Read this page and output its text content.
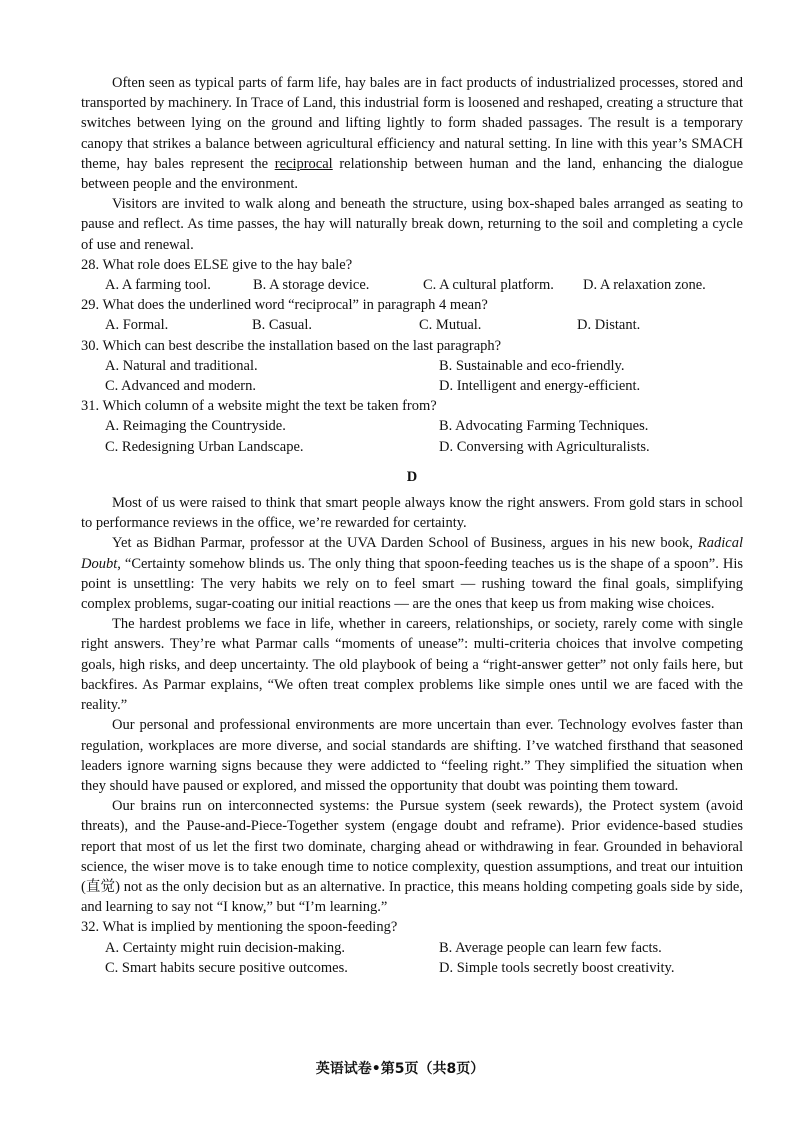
Often seen as typical parts of farm life, hay bales are in fact products of industrialized processes, stored and transported by machinery. In Trace of Land, this industrial form is loosened and reshaped, creating a structure that switches between lying on the ground and lifting lightly to form shaded passages. The result is a temporary canopy that strikes a balance between agricultural efficiency and natural setting. In line with this year’s SMACH theme, hay bales represent the reciprocal relationship between human and the land, enhancing the dialogue between people and the environment.

Visitors are invited to walk along and beneath the structure, using box-shaped bales arranged as seating to pause and reflect. As time passes, the hay will naturally break down, returning to the soil and completing a cycle of use and renewal.

28. What role does ELSE give to the hay bale?
A. A farming tool.	B. A storage device.	C. A cultural platform.	D. A relaxation zone.
29. What does the underlined word “reciprocal” in paragraph 4 mean?
A. Formal.	B. Casual.	C. Mutual.	D. Distant.
30. Which can best describe the installation based on the last paragraph?
A. Natural and traditional.	B. Sustainable and eco-friendly.
C. Advanced and modern.	D. Intelligent and energy-efficient.
31. Which column of a website might the text be taken from?
A. Reimaging the Countryside.	B. Advocating Farming Techniques.
C. Redesigning Urban Landscape.	D. Conversing with Agriculturalists.
D

Most of us were raised to think that smart people always know the right answers. From gold stars in school to performance reviews in the office, we’re rewarded for certainty.

Yet as Bidhan Parmar, professor at the UVA Darden School of Business, argues in his new book, Radical Doubt, “Certainty somehow blinds us. The only thing that spoon-feeding teaches us is the shape of a spoon”. His point is unsettling: The very habits we rely on to feel smart — rushing toward the final goals, simplifying complex problems, sugar-coating our initial reactions — are the ones that keep us from making wise choices.

The hardest problems we face in life, whether in careers, relationships, or society, rarely come with single right answers. They’re what Parmar calls “moments of unease”: multi-criteria choices that involve competing goals, high risks, and deep uncertainty. The old playbook of being a “right-answer getter” not only fails here, but backfires. As Parmar explains, “We often treat complex problems like simple ones until we are faced with the reality.”

Our personal and professional environments are more uncertain than ever. Technology evolves faster than regulation, workplaces are more diverse, and social standards are shifting. I’ve watched firsthand that seasoned leaders ignore warning signs because they were addicted to “feeling right.” They simplified the situation when they should have paused or explored, and missed the opportunity that doubt was pointing them toward.

Our brains run on interconnected systems: the Pursue system (seek rewards), the Protect system (avoid threats), and the Pause-and-Piece-Together system (engage doubt and reframe). Prior evidence-based studies report that most of us let the first two dominate, charging ahead or withdrawing in fear. Grounded in behavioral science, the wiser move is to take enough time to notice complexity, question assumptions, and treat our intuition (直觉) not as the only decision but as an alternative. In practice, this means holding competing goals side by side, and learning to say not “I know,” but “I’m learning.”

32. What is implied by mentioning the spoon-feeding?
A. Certainty might ruin decision-making.	B. Average people can learn few facts.
C. Smart habits secure positive outcomes.	D. Simple tools secretly boost creativity.
英语试卷•第5页（共8页）
